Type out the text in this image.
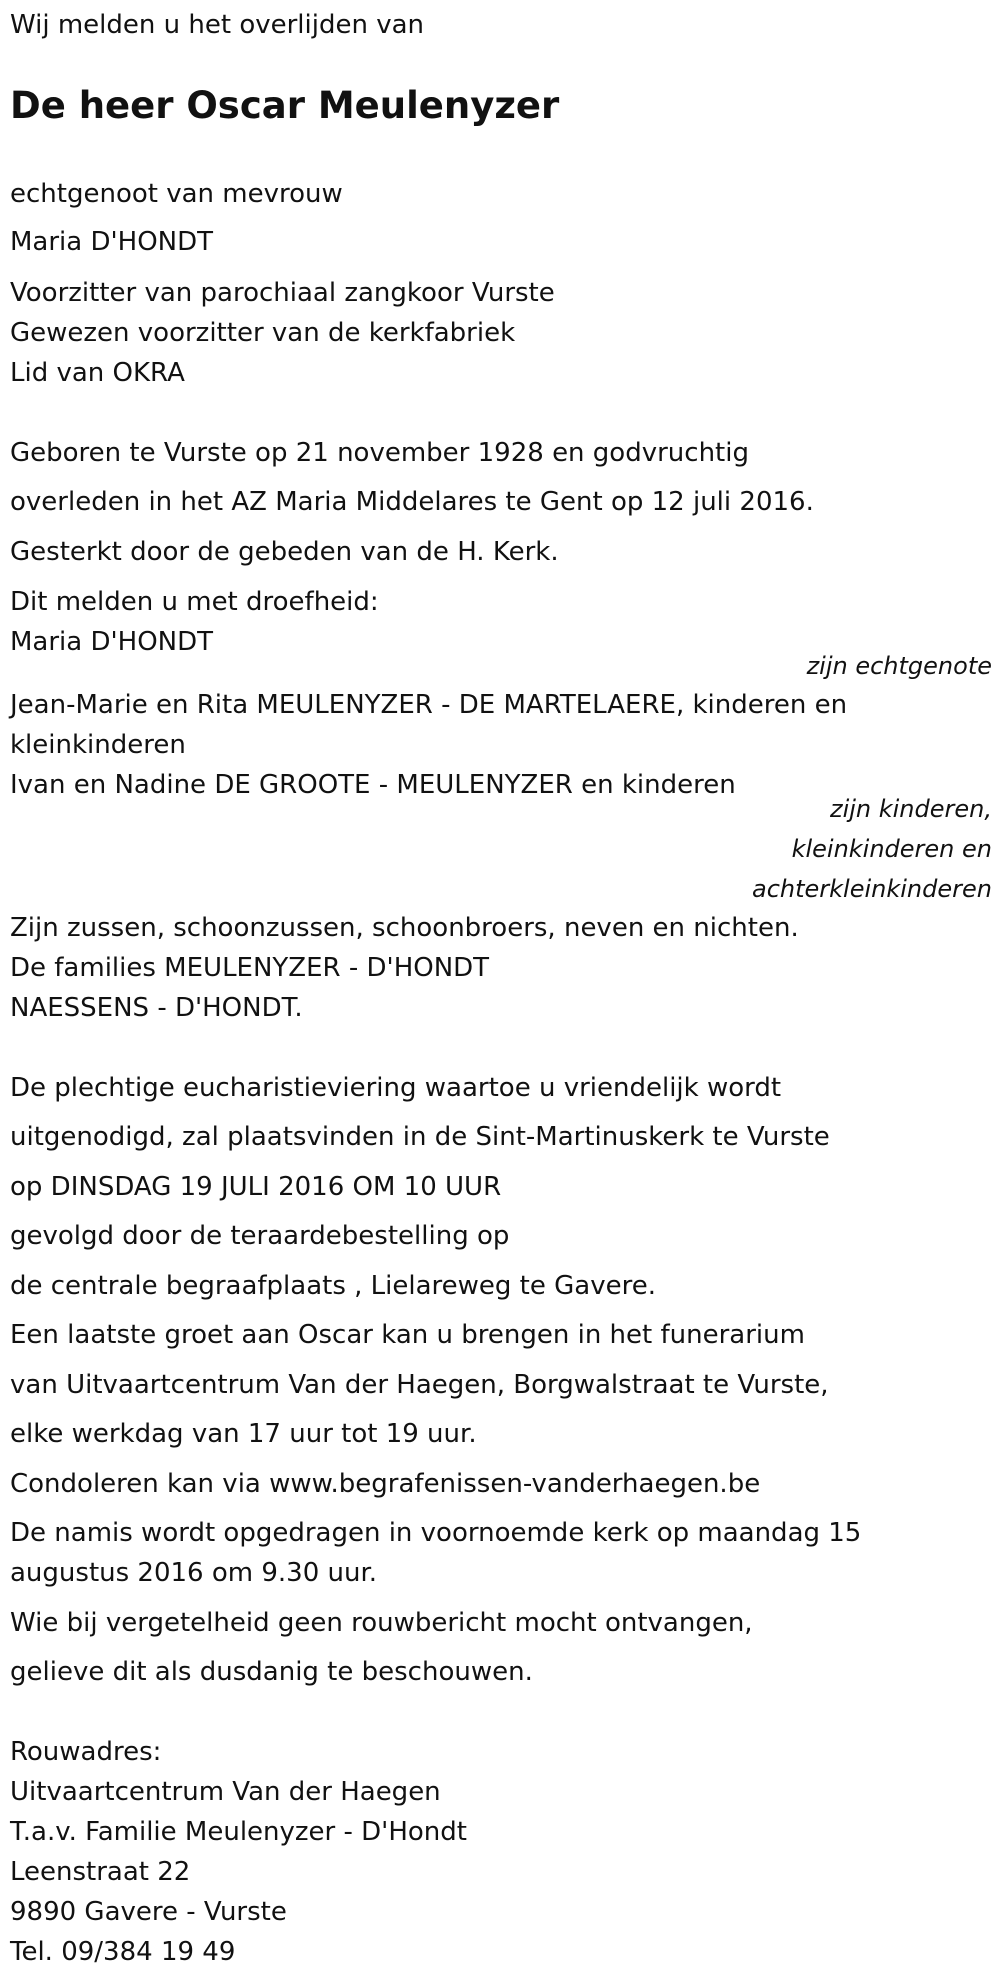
Wij melden u het overlijden van
De heer Oscar Meulenyzer
echtgenoot van mevrouw
Maria D'HONDT
Voorzitter van parochiaal zangkoor Vurste
Gewezen voorzitter van de kerkfabriek
Lid van OKRA
Geboren te Vurste op 21 november 1928 en godvruchtig
overleden in het AZ Maria Middelares te Gent op 12 juli 2016.
Gesterkt door de gebeden van de H. Kerk.
Dit melden u met droefheid:
Maria D'HONDT
zijn echtgenote
Jean-Marie en Rita MEULENYZER - DE MARTELAERE, kinderen en
kleinkinderen
Ivan en Nadine DE GROOTE - MEULENYZER en kinderen
zijn kinderen,
kleinkinderen en
achterkleinkinderen
Zijn zussen, schoonzussen, schoonbroers, neven en nichten.
De families MEULENYZER - D'HONDT
NAESSENS - D'HONDT.
De plechtige eucharistieviering waartoe u vriendelijk wordt
uitgenodigd, zal plaatsvinden in de Sint-Martinuskerk te Vurste
op DINSDAG 19 JULI 2016 OM 10 UUR
gevolgd door de teraardebestelling op
de centrale begraafplaats , Lielareweg te Gavere.
Een laatste groet aan Oscar kan u brengen in het funerarium
van Uitvaartcentrum Van der Haegen, Borgwalstraat te Vurste,
elke werkdag van 17 uur tot 19 uur.
Condoleren kan via www.begrafenissen-vanderhaegen.be
De namis wordt opgedragen in voornoemde kerk op maandag 15
augustus 2016 om 9.30 uur.
Wie bij vergetelheid geen rouwbericht mocht ontvangen,
gelieve dit als dusdanig te beschouwen.
Rouwadres:
Uitvaartcentrum Van der Haegen
T.a.v. Familie Meulenyzer - D'Hondt
Leenstraat 22
9890 Gavere - Vurste
Tel. 09/384 19 49
